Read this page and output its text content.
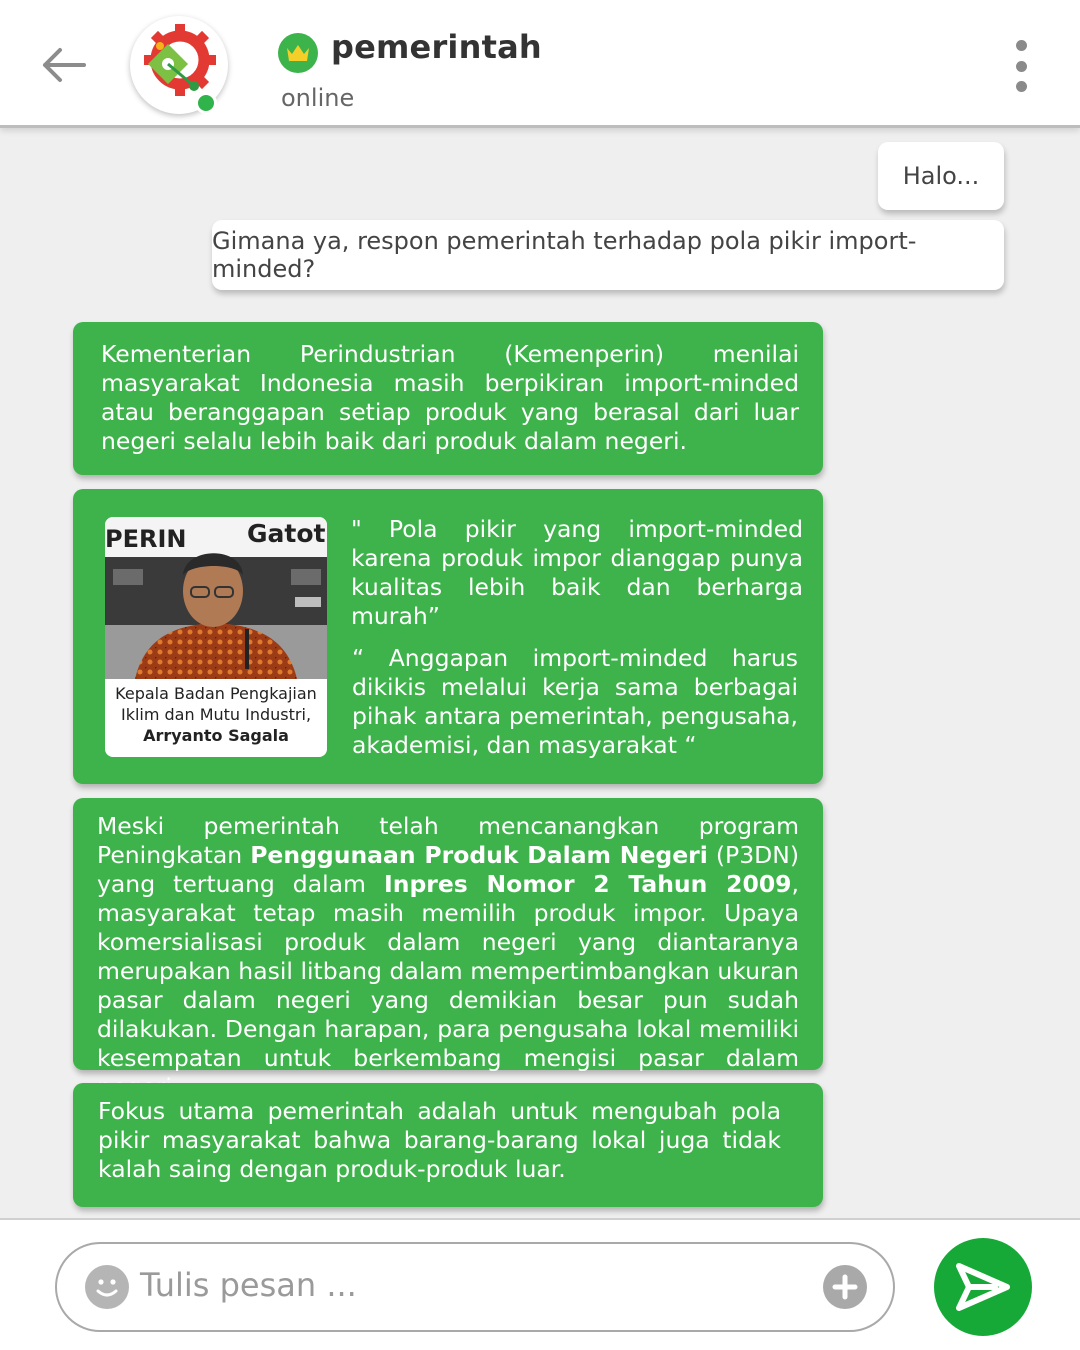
pemerintah
online
Halo...
Gimana ya, respon pemerintah terhadap pola pikir import-minded?
Kementerian Perindustrian (Kemenperin) menilai masyarakat Indonesia masih berpikiran import-minded atau beranggapan setiap produk yang berasal dari luar negeri selalu lebih baik dari produk dalam negeri.
PERIN Gatot
Kepala Badan Pengkajian
Iklim dan Mutu Industri,
Arryanto Sagala
" Pola pikir yang import-minded karena produk impor dianggap punya kualitas lebih baik dan berharga murah”
“ Anggapan import-minded harus dikikis melalui kerja sama berbagai pihak antara pemerintah, pengusaha, akademisi, dan masyarakat “
Meski pemerintah telah mencanangkan program Peningkatan Penggunaan Produk Dalam Negeri (P3DN) yang tertuang dalam Inpres Nomor 2 Tahun 2009, masyarakat tetap masih memilih produk impor. Upaya komersialisasi produk dalam negeri yang diantaranya merupakan hasil litbang dalam mempertimbangkan ukuran pasar dalam negeri yang demikian besar pun sudah dilakukan. Dengan harapan, para pengusaha lokal memiliki kesempatan untuk berkembang mengisi pasar dalam
Fokus utama pemerintah adalah untuk mengubah pola pikir masyarakat bahwa barang-barang lokal juga tidak kalah saing dengan produk-produk luar.
Tulis pesan ...
